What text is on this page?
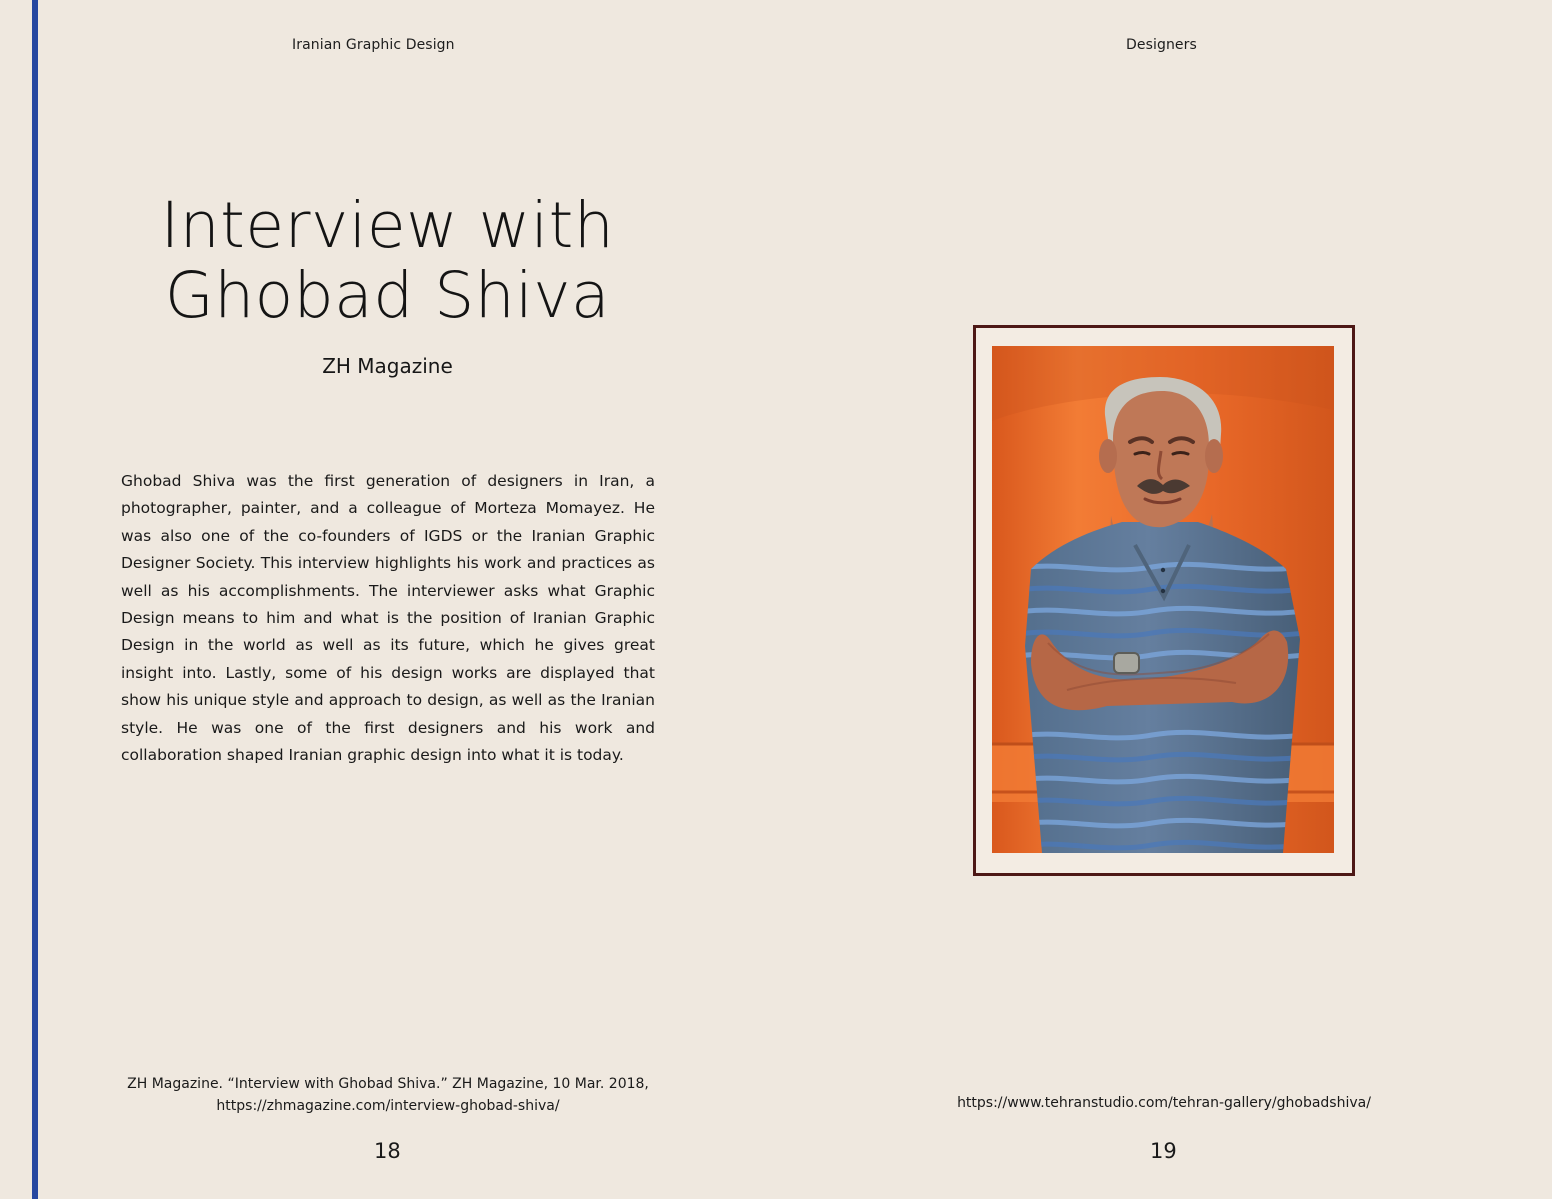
Iranian Graphic Design	Designers
Interview with
Ghobad Shiva
ZH Magazine

Ghobad Shiva was the first generation of designers in Iran, a photographer, painter, and a colleague of Morteza Momayez. He was also one of the co-founders of IGDS or the Iranian Graphic Designer Society. This interview highlights his work and practices as well as his accomplishments. The interviewer asks what Graphic Design means to him and what is the position of Iranian Graphic Design in the world as well as its future, which he gives great insight into. Lastly, some of his design works are displayed that show his unique style and approach to design, as well as the Iranian style. He was one of the first designers and his work and collaboration shaped Iranian graphic design into what it is today.

ZH Magazine. “Interview with Ghobad Shiva.” ZH Magazine, 10 Mar. 2018,
https://zhmagazine.com/interview-ghobad-shiva/	https://www.tehranstudio.com/tehran-gallery/ghobadshiva/
18	19
